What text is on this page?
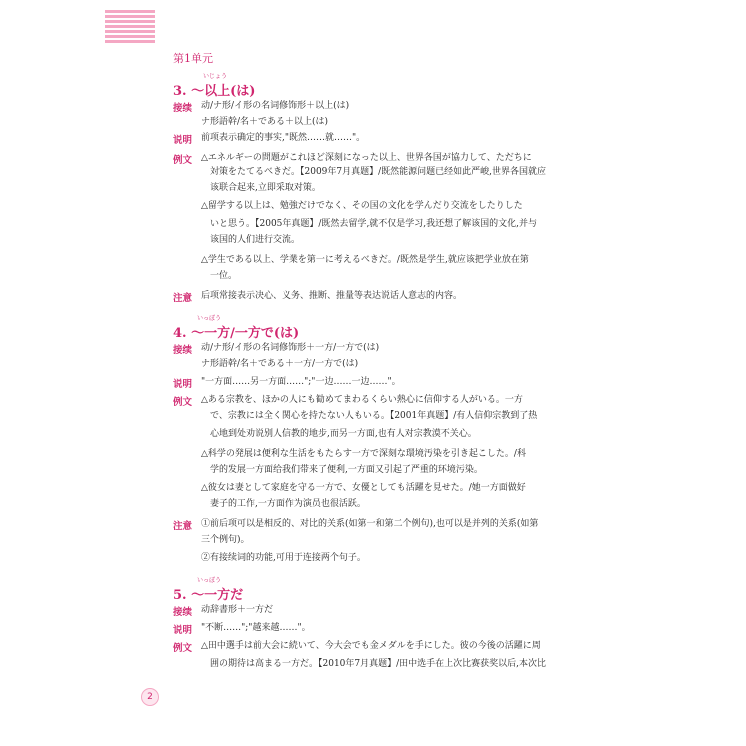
第1单元
いじょう
3. ～以上(は)
接续 动/ナ形/イ形の名词修饰形＋以上(は)
ナ形語幹/名＋である＋以上(は)
说明 前项表示确定的事实,"既然……就……"。
例文 △エネルギーの問題がこれほど深刻になった以上、世界各国が協力して、ただちに
　対策をたてるべきだ。【2009年7月真题】/既然能源问题已经如此严峻,世界各国就应
　该联合起来,立即采取对策。
△留学する以上は、勉強だけでなく、その国の文化を学んだり交流をしたりした
　いと思う。【2005年真题】/既然去留学,就不仅是学习,我还想了解该国的文化,并与
　该国的人们进行交流。
△学生である以上、学業を第一に考えるべきだ。/既然是学生,就应该把学业放在第
　一位。
注意 后项常接表示决心、义务、推断、推量等表达说话人意志的内容。
いっぽう
4. ～一方/一方で(は)
接续 动/ナ形/イ形の名词修饰形＋一方/一方で(は)
ナ形語幹/名＋である＋一方/一方で(は)
说明 "一方面……另一方面……";"一边……一边……"。
例文 △ある宗教を、ほかの人にも勧めてまわるくらい熱心に信仰する人がいる。一方
　で、宗教には全く関心を持たない人もいる。【2001年真题】/有人信仰宗教到了热
　心地到处劝说别人信教的地步,而另一方面,也有人对宗教漠不关心。
△科学の発展は便利な生活をもたらす一方で深刻な環境汚染を引き起こした。/科
　学的发展一方面给我们带来了便利,一方面又引起了严重的环境污染。
△彼女は妻として家庭を守る一方で、女優としても活躍を見せた。/她一方面做好
　妻子的工作,一方面作为演员也很活跃。
注意 ①前后项可以是相反的、对比的关系(如第一和第二个例句),也可以是并列的关系(如第
三个例句)。
②有接续词的功能,可用于连接两个句子。
いっぽう
5. ～一方だ
接续 动辞書形＋一方だ
说明 "不断……";"越来越……"。
例文 △田中選手は前大会に続いて、今大会でも金メダルを手にした。彼の今後の活躍に周
　囲の期待は高まる一方だ。【2010年7月真题】/田中选手在上次比赛获奖以后,本次比
2
